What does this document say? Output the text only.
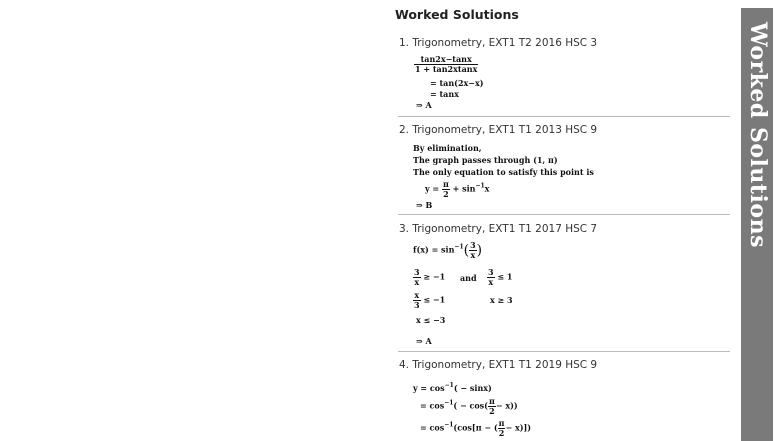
Worked Solutions
Worked Solutions
1. Trigonometry, EXT1 T2 2016 HSC 3
$\frac{\tan 2x-\tan x}{1 + \tan 2xtanx}$
= tan(2x−x)
= tanx
⇒ A
2. Trigonometry, EXT1 T1 2013 HSC 9
By elimination,
The graph passes through (1, π)
The only equation to satisfy this point is
$y = \frac{\pi}{2} + \sin^{-1}x$
⇒ B
3. Trigonometry, EXT1 T1 2017 HSC 7
$f(x) = \sin^{-1}( \frac{3}{x}$ )
$\frac{3}{x} \ge -1$ and $\frac{3}{x} \le 1$
$\frac{x}{3} \le -1$	x ≥ 3
x ≤ −3
⇒ A
4. Trigonometry, EXT1 T1 2019 HSC 9
$y = \cos^{-1}( - \sin x)$
= $\cos^{-1}( - \cos( \frac{\pi}{2} - x))$
= $\cos^{-1}(\cos[\pi$ − ( $\frac{\pi}{2} - x$)])
